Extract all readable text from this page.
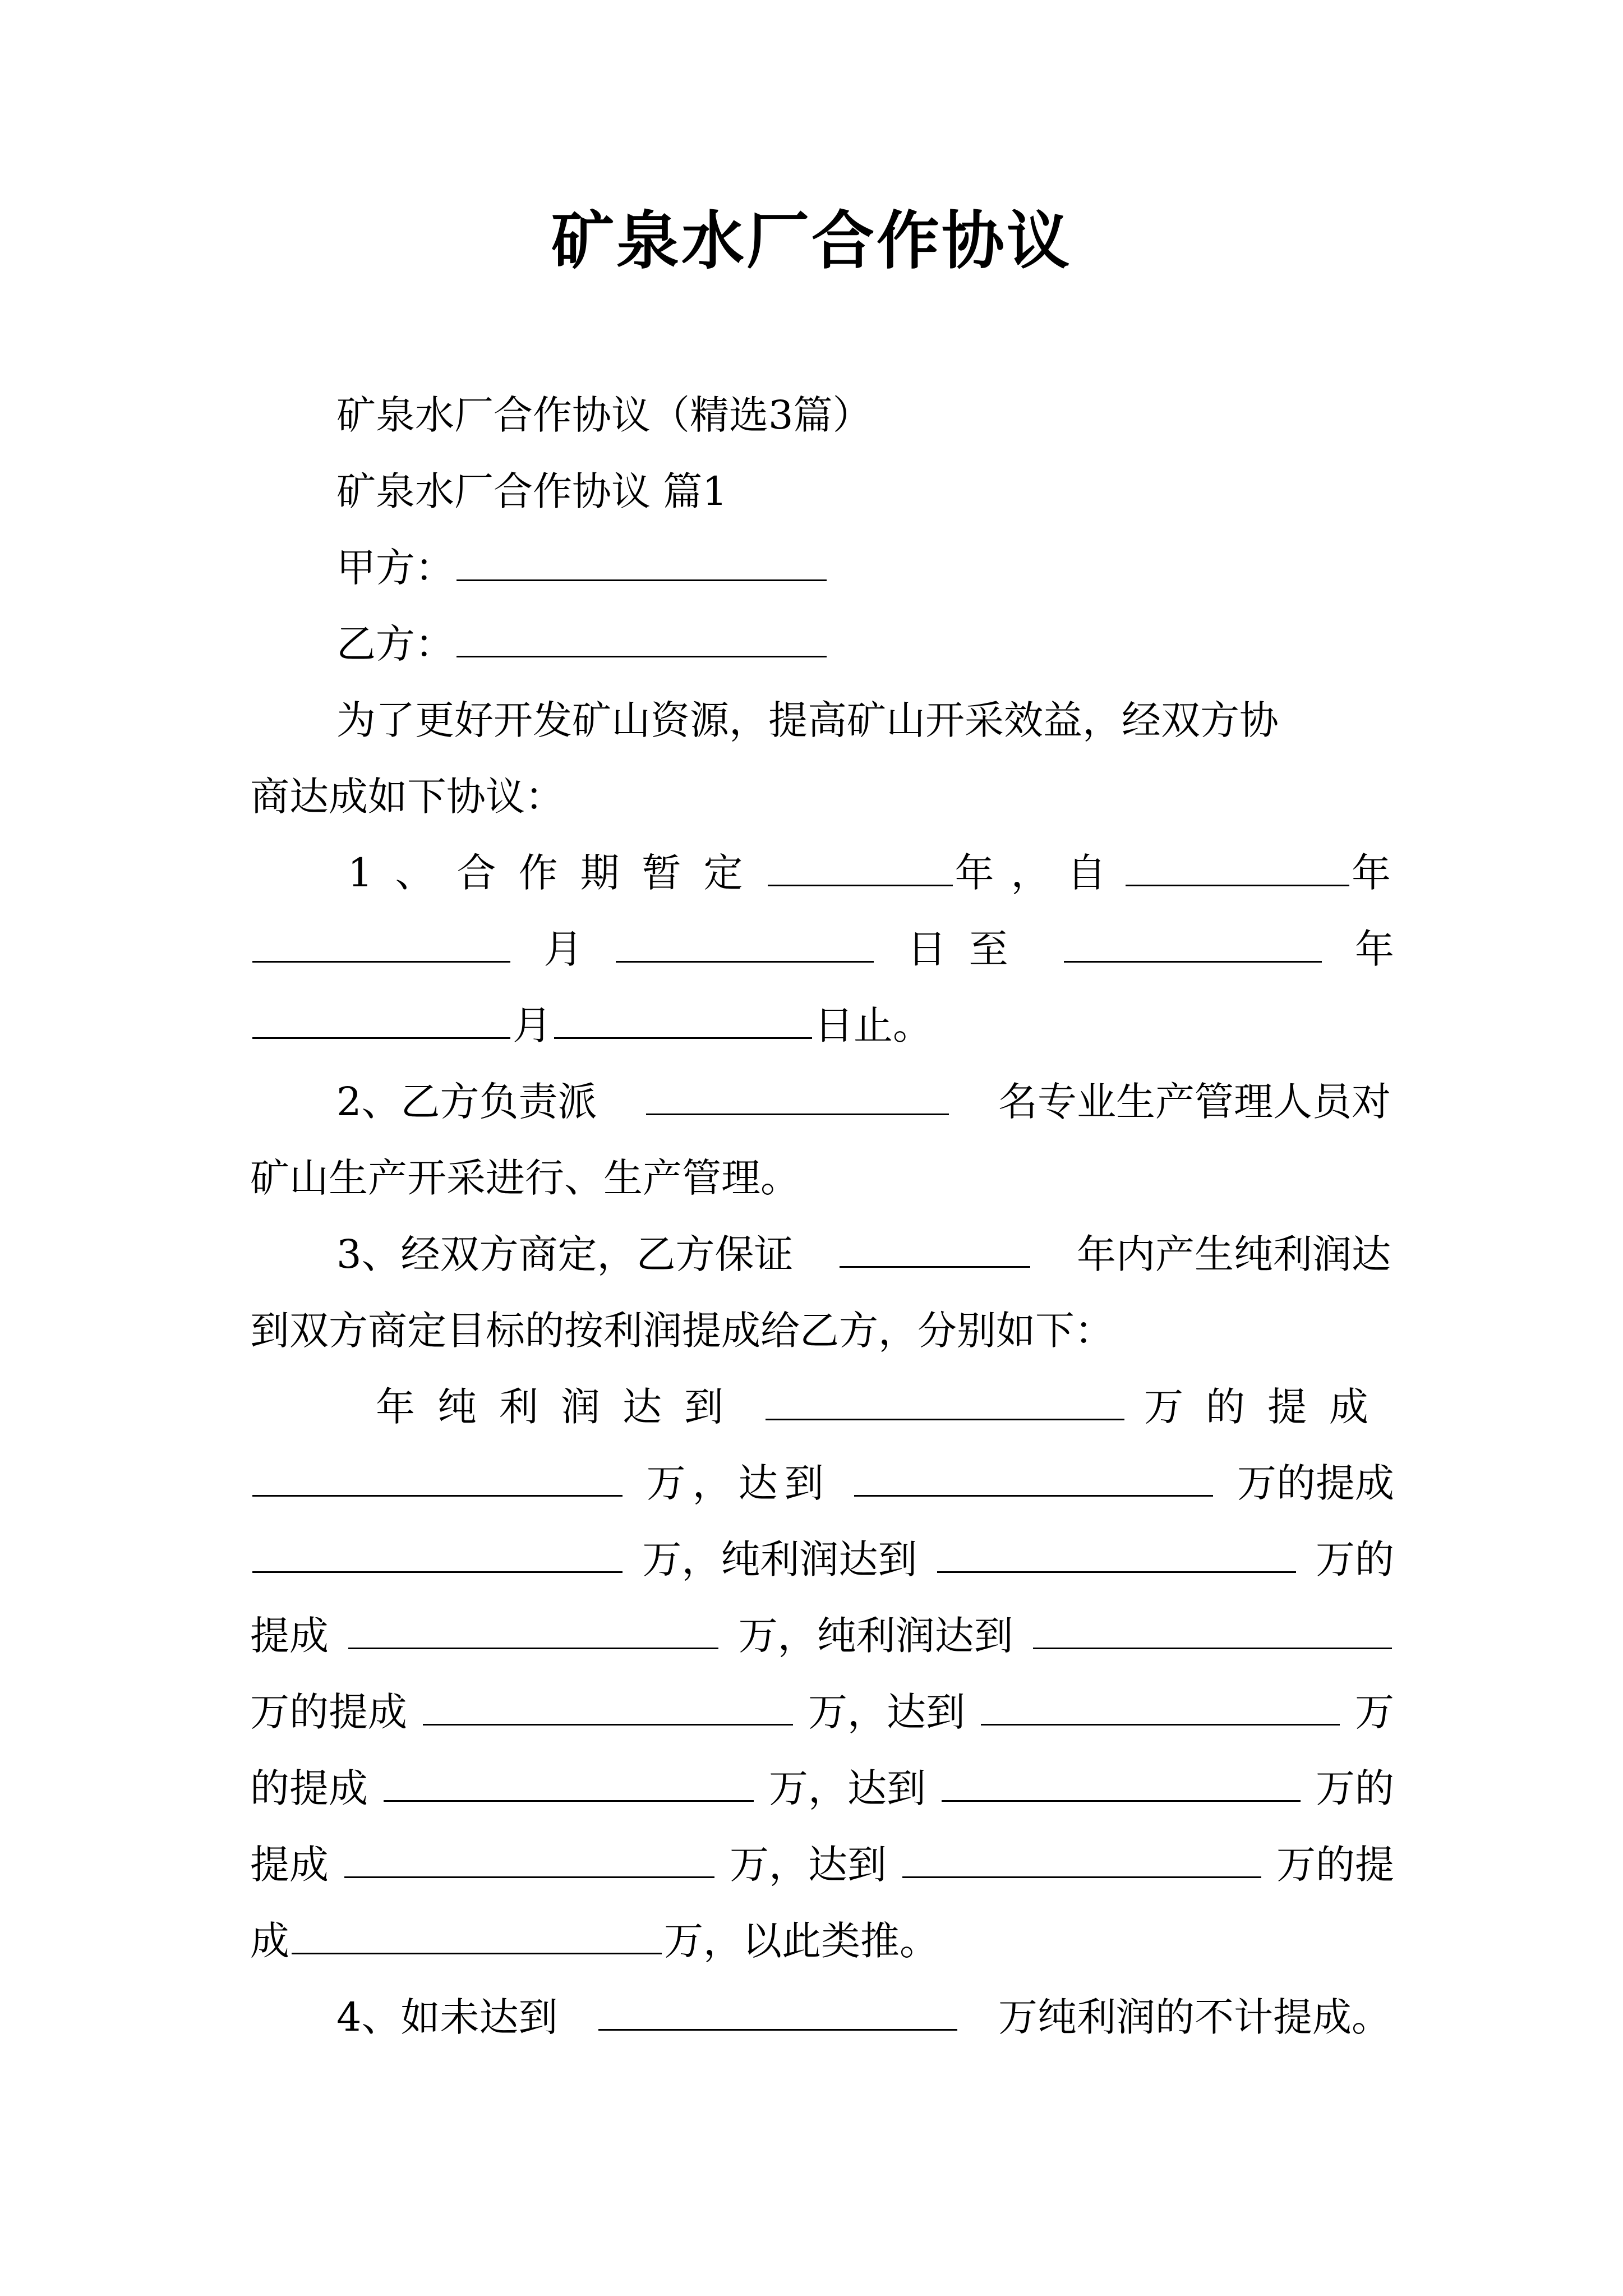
矿泉水厂合作协议
矿泉水厂合作协议（精选3篇）
矿泉水厂合作协议 篇1
甲方：
乙方：
为了更好开发矿山资源，提高矿山开采效益，经双方协
商达成如下协议：
1、合作期暂定	年，自	年
月	日至	年
月	日止。
2、乙方负责派	名专业生产管理人员对
矿山生产开采进行、生产管理。
3、经双方商定，乙方保证	年内产生纯利润达
到双方商定目标的按利润提成给乙方，分别如下：
年纯利润达到	万的提成
万，达到	万的提成
万，纯利润达到	万的
提成	万，纯利润达到
万的提成	万，达到	万
的提成	万，达到	万的
提成	万，达到	万的提
成	万，以此类推。
4、如未达到	万纯利润的不计提成。
